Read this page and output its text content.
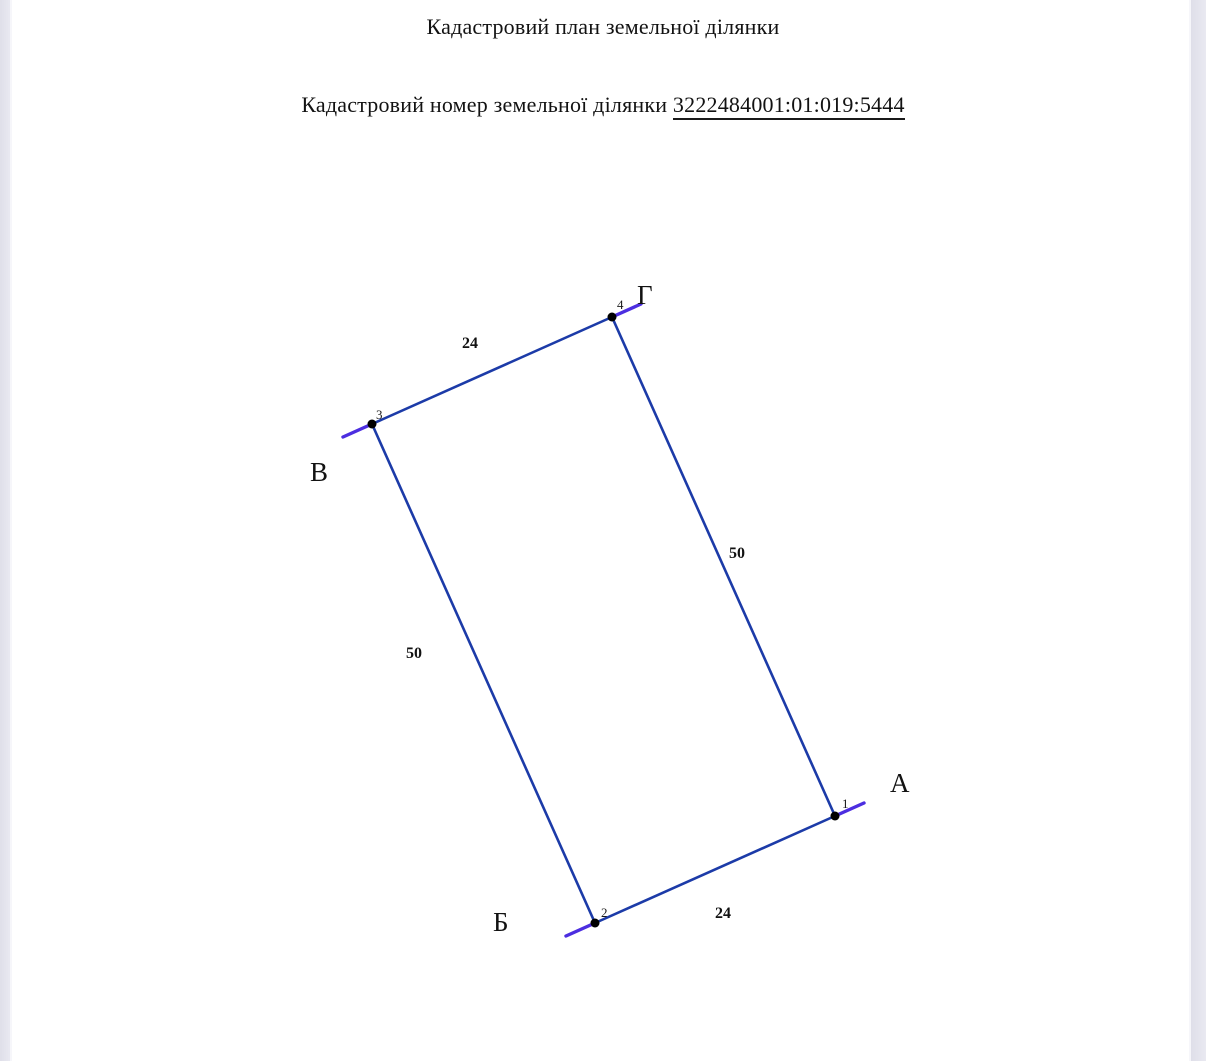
Кадастровий план земельної ділянки
Кадастровий номер земельної ділянки 3222484001:01:019:5444
4
3
1
2
Г
В
А
Б
24
50
50
24
